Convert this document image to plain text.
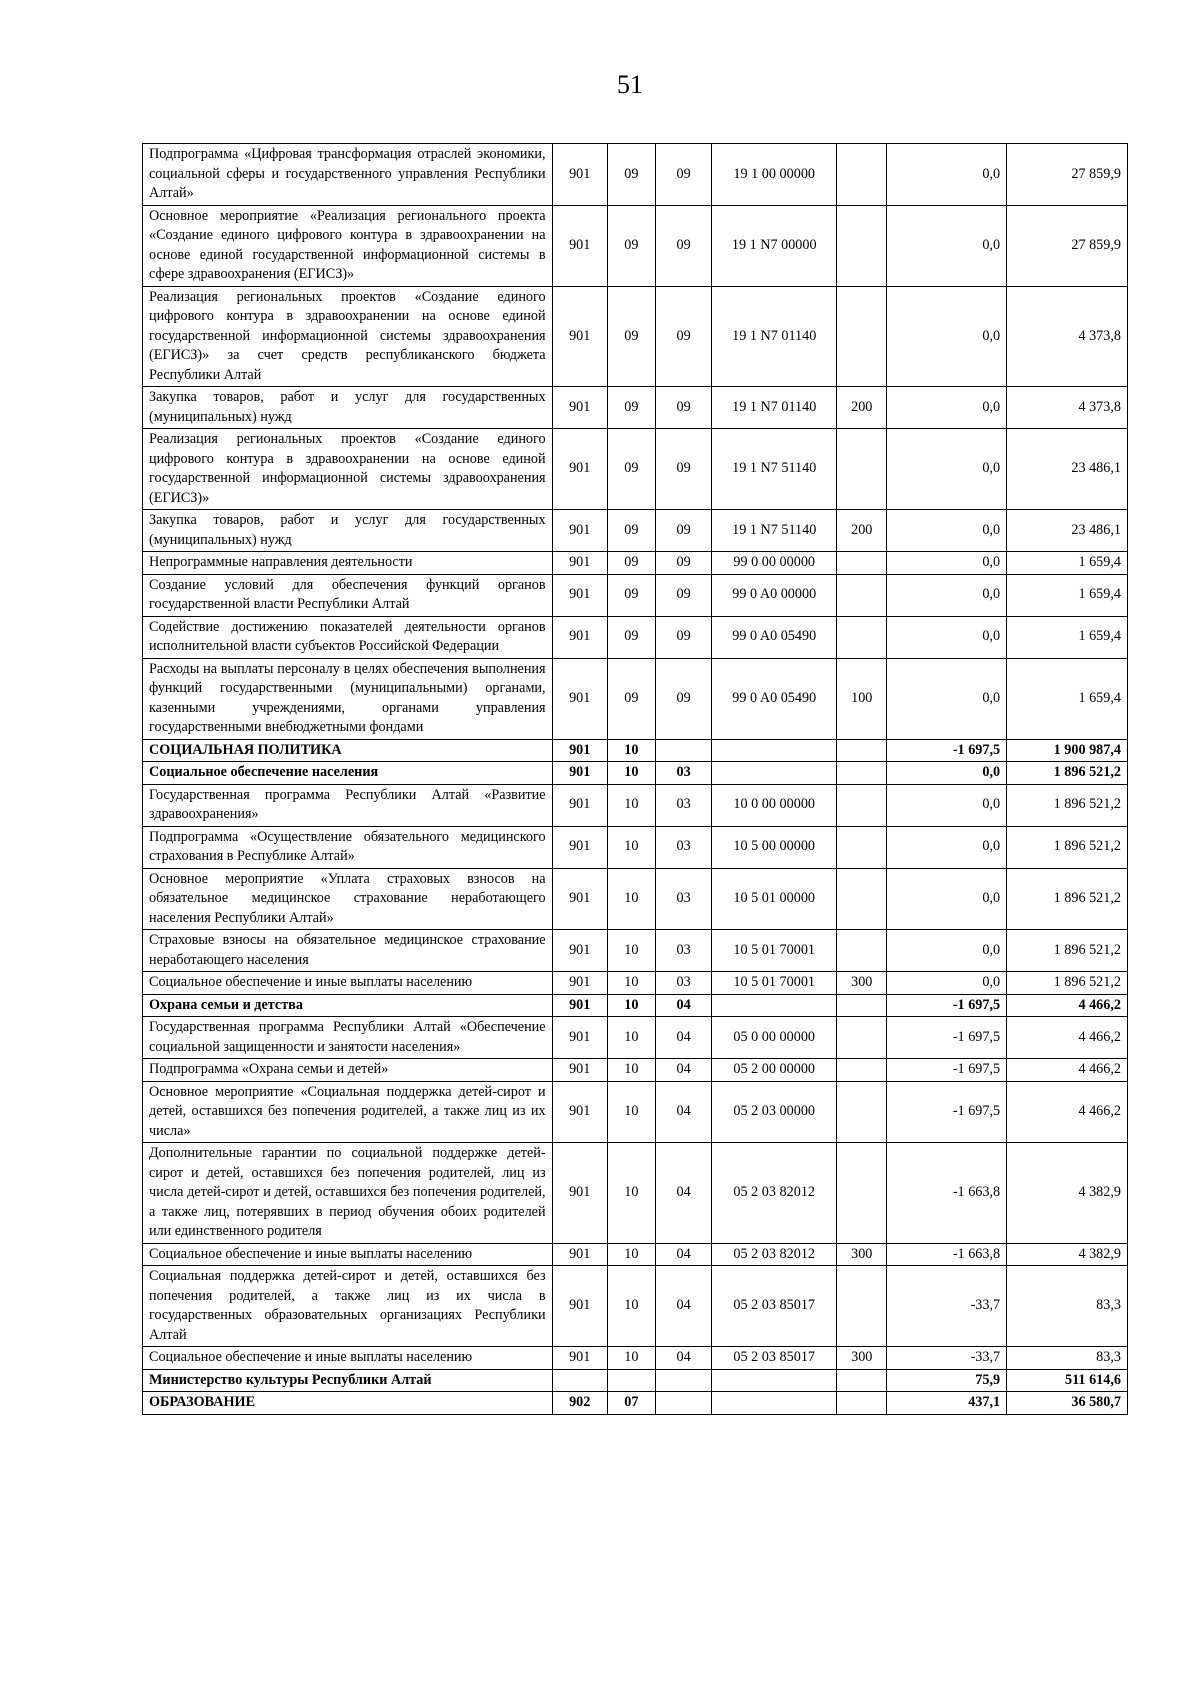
51
Подпрограмма «Цифровая трансформация отраслей экономики, социальной сферы и государственного управления Республики Алтай»	901	09	09	19 1 00 00000		0,0	27 859,9
Основное мероприятие «Реализация регионального проекта «Создание единого цифрового контура в здравоохранении на основе единой государственной информационной системы в сфере здравоохранения (ЕГИСЗ)»	901	09	09	19 1 N7 00000		0,0	27 859,9
Реализация региональных проектов «Создание единого цифрового контура в здравоохранении на основе единой государственной информационной системы здравоохранения (ЕГИСЗ)» за счет средств республиканского бюджета Республики Алтай	901	09	09	19 1 N7 01140		0,0	4 373,8
Закупка товаров, работ и услуг для государственных (муниципальных) нужд	901	09	09	19 1 N7 01140	200	0,0	4 373,8
Реализация региональных проектов «Создание единого цифрового контура в здравоохранении на основе единой государственной информационной системы здравоохранения (ЕГИСЗ)»	901	09	09	19 1 N7 51140		0,0	23 486,1
Закупка товаров, работ и услуг для государственных (муниципальных) нужд	901	09	09	19 1 N7 51140	200	0,0	23 486,1
Непрограммные направления деятельности	901	09	09	99 0 00 00000		0,0	1 659,4
Создание условий для обеспечения функций органов государственной власти Республики Алтай	901	09	09	99 0 A0 00000		0,0	1 659,4
Содействие достижению показателей деятельности органов исполнительной власти субъектов Российской Федерации	901	09	09	99 0 A0 05490		0,0	1 659,4
Расходы на выплаты персоналу в целях обеспечения выполнения функций государственными (муниципальными) органами, казенными учреждениями, органами управления государственными внебюджетными фондами	901	09	09	99 0 A0 05490	100	0,0	1 659,4
СОЦИАЛЬНАЯ ПОЛИТИКА	901	10				-1 697,5	1 900 987,4
Социальное обеспечение населения	901	10	03			0,0	1 896 521,2
Государственная программа Республики Алтай «Развитие здравоохранения»	901	10	03	10 0 00 00000		0,0	1 896 521,2
Подпрограмма «Осуществление обязательного медицинского страхования в Республике Алтай»	901	10	03	10 5 00 00000		0,0	1 896 521,2
Основное мероприятие «Уплата страховых взносов на обязательное медицинское страхование неработающего населения Республики Алтай»	901	10	03	10 5 01 00000		0,0	1 896 521,2
Страховые взносы на обязательное медицинское страхование неработающего населения	901	10	03	10 5 01 70001		0,0	1 896 521,2
Социальное обеспечение и иные выплаты населению	901	10	03	10 5 01 70001	300	0,0	1 896 521,2
Охрана семьи и детства	901	10	04			-1 697,5	4 466,2
Государственная программа Республики Алтай «Обеспечение социальной защищенности и занятости населения»	901	10	04	05 0 00 00000		-1 697,5	4 466,2
Подпрограмма «Охрана семьи и детей»	901	10	04	05 2 00 00000		-1 697,5	4 466,2
Основное мероприятие «Социальная поддержка детей-сирот и детей, оставшихся без попечения родителей, а также лиц из их числа»	901	10	04	05 2 03 00000		-1 697,5	4 466,2
Дополнительные гарантии по социальной поддержке детей-сирот и детей, оставшихся без попечения родителей, лиц из числа детей-сирот и детей, оставшихся без попечения родителей, а также лиц, потерявших в период обучения обоих родителей или единственного родителя	901	10	04	05 2 03 82012		-1 663,8	4 382,9
Социальное обеспечение и иные выплаты населению	901	10	04	05 2 03 82012	300	-1 663,8	4 382,9
Социальная поддержка детей-сирот и детей, оставшихся без попечения родителей, а также лиц из их числа в государственных образовательных организациях Республики Алтай	901	10	04	05 2 03 85017		-33,7	83,3
Социальное обеспечение и иные выплаты населению	901	10	04	05 2 03 85017	300	-33,7	83,3
Министерство культуры Республики Алтай						75,9	511 614,6
ОБРАЗОВАНИЕ	902	07				437,1	36 580,7
